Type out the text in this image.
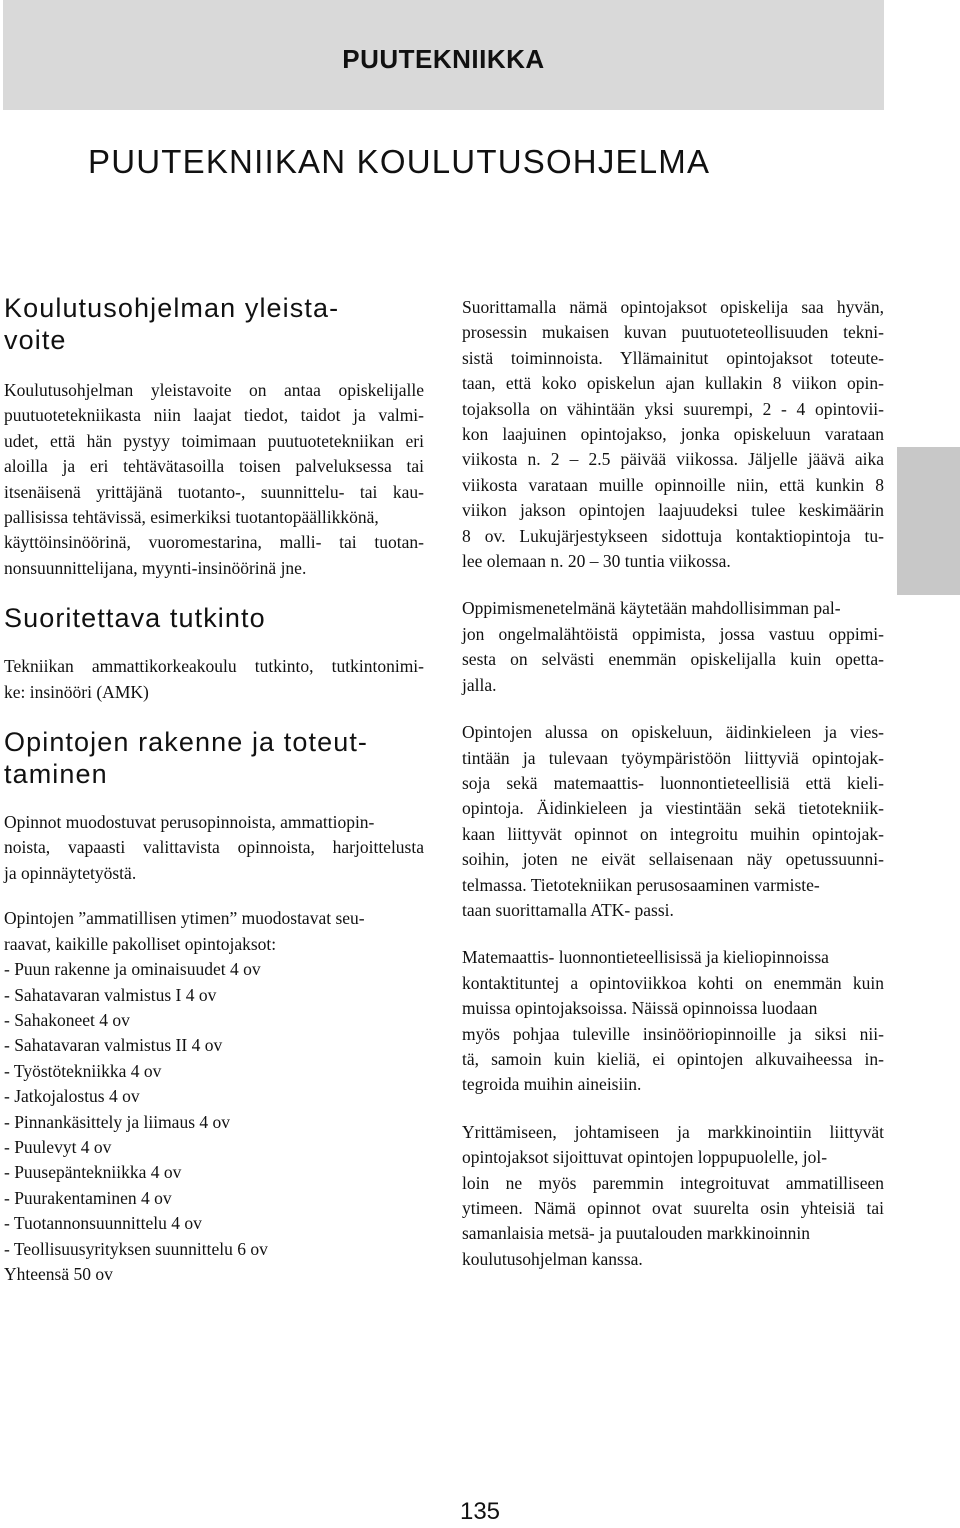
PUUTEKNIIKKA
PUUTEKNIIKAN KOULUTUSOHJELMA
Koulutusohjelman yleista-
voite
Koulutusohjelman yleistavoite on antaa opiskelijalle
puutuotetekniikasta niin laajat tiedot, taidot ja valmi-
udet, että hän pystyy toimimaan puutuotetekniikan eri
aloilla ja eri tehtävätasoilla toisen palveluksessa tai
itsenäisenä yrittäjänä tuotanto-, suunnittelu- tai kau-
pallisissa tehtävissä, esimerkiksi tuotantopäällikkönä,
käyttöinsinöörinä, vuoromestarina, malli- tai tuotan-
nonsuunnittelijana, myynti-insinöörinä jne.
Suoritettava tutkinto
Tekniikan ammattikorkeakoulu tutkinto, tutkintonimi-
ke: insinööri (AMK)
Opintojen rakenne ja toteut-
taminen
Opinnot muodostuvat perusopinnoista, ammattiopin-
noista, vapaasti valittavista opinnoista, harjoittelusta
ja opinnäytetyöstä.
Opintojen ”ammatillisen ytimen” muodostavat seu-
raavat, kaikille pakolliset opintojaksot:
- Puun rakenne ja ominaisuudet 4 ov
- Sahatavaran valmistus I 4 ov
- Sahakoneet 4 ov
- Sahatavaran valmistus II 4 ov
- Työstötekniikka 4 ov
- Jatkojalostus 4 ov
- Pinnankäsittely ja liimaus 4 ov
- Puulevyt 4 ov
- Puusepäntekniikka 4 ov
- Puurakentaminen 4 ov
- Tuotannonsuunnittelu 4 ov
- Teollisuusyrityksen suunnittelu 6 ov
Yhteensä 50 ov
Suorittamalla nämä opintojaksot opiskelija saa hyvän,
prosessin mukaisen kuvan puutuoteteollisuuden tekni-
sistä toiminnoista. Yllämainitut opintojaksot toteute-
taan, että koko opiskelun ajan kullakin 8 viikon opin-
tojaksolla on vähintään yksi suurempi, 2 - 4 opintovii-
kon laajuinen opintojakso, jonka opiskeluun varataan
viikosta n. 2 – 2.5 päivää viikossa. Jäljelle jäävä aika
viikosta varataan muille opinnoille niin, että kunkin 8
viikon jakson opintojen laajuudeksi tulee keskimäärin
8 ov. Lukujärjestykseen sidottuja kontaktiopintoja tu-
lee olemaan n. 20 – 30 tuntia viikossa.
Oppimismenetelmänä käytetään mahdollisimman pal-
jon ongelmalähtöistä oppimista, jossa vastuu oppimi-
sesta on selvästi enemmän opiskelijalla kuin opetta-
jalla.
Opintojen alussa on opiskeluun, äidinkieleen ja vies-
tintään ja tulevaan työympäristöön liittyviä opintojak-
soja sekä matemaattis- luonnontieteellisiä että kieli-
opintoja. Äidinkieleen ja viestintään sekä tietotekniik-
kaan liittyvät opinnot on integroitu muihin opintojak-
soihin, joten ne eivät sellaisenaan näy opetussuunni-
telmassa. Tietotekniikan perusosaaminen varmiste-
taan suorittamalla ATK- passi.
Matemaattis- luonnontieteellisissä ja kieliopinnoissa
kontaktituntej a opintoviikkoa kohti on enemmän kuin
muissa opintojaksoissa. Näissä opinnoissa luodaan
myös pohjaa tuleville insinööriopinnoille ja siksi nii-
tä, samoin kuin kieliä, ei opintojen alkuvaiheessa in-
tegroida muihin aineisiin.
Yrittämiseen, johtamiseen ja markkinointiin liittyvät
opintojaksot sijoittuvat opintojen loppupuolelle, jol-
loin ne myös paremmin integroituvat ammatilliseen
ytimeen. Nämä opinnot ovat suurelta osin yhteisiä tai
samanlaisia metsä- ja puutalouden markkinoinnin
koulutusohjelman kanssa.
135
